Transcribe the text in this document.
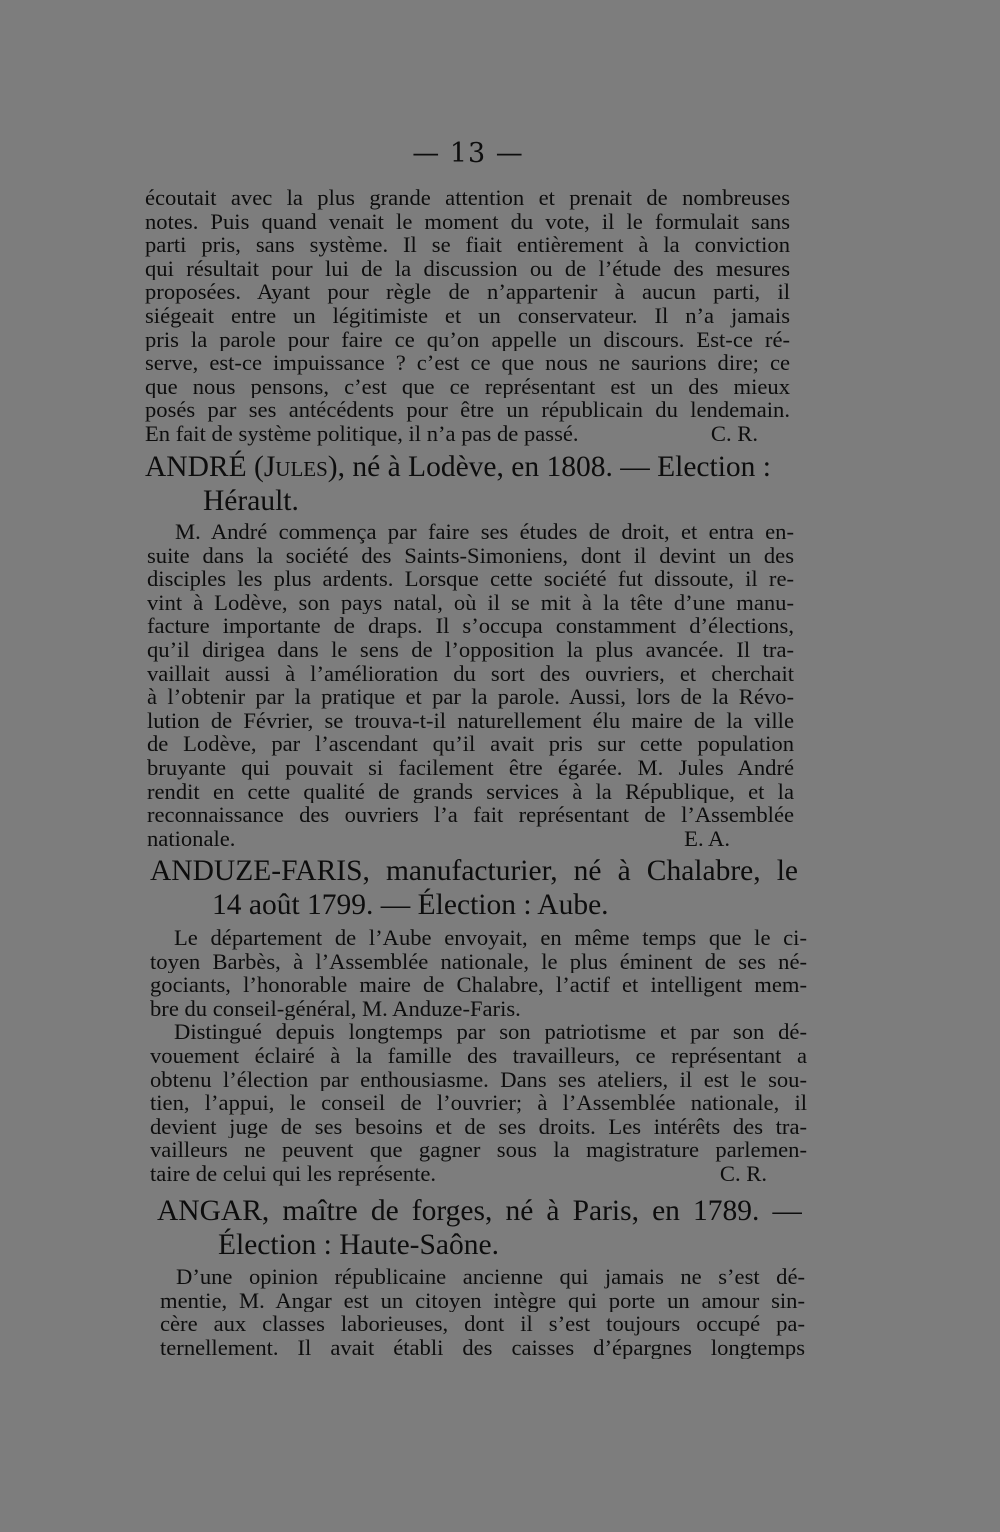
— 13 —
écoutait avec la plus grande attention et prenait de nombreuses
notes. Puis quand venait le moment du vote, il le formulait sans
parti pris, sans système. Il se fiait entièrement à la conviction
qui résultait pour lui de la discussion ou de l’étude des mesures
proposées. Ayant pour règle de n’appartenir à aucun parti, il
siégeait entre un légitimiste et un conservateur. Il n’a jamais
pris la parole pour faire ce qu’on appelle un discours. Est-ce ré-
serve, est-ce impuissance ? c’est ce que nous ne saurions dire; ce
que nous pensons, c’est que ce représentant est un des mieux
posés par ses antécédents pour être un républicain du lendemain.
En fait de système politique, il n’a pas de passé.	C. R.
ANDRÉ (Jules), né à Lodève, en 1808. — Election :
Hérault.
M. André commença par faire ses études de droit, et entra en-
suite dans la société des Saints-Simoniens, dont il devint un des
disciples les plus ardents. Lorsque cette société fut dissoute, il re-
vint à Lodève, son pays natal, où il se mit à la tête d’une manu-
facture importante de draps. Il s’occupa constamment d’élections,
qu’il dirigea dans le sens de l’opposition la plus avancée. Il tra-
vaillait aussi à l’amélioration du sort des ouvriers, et cherchait
à l’obtenir par la pratique et par la parole. Aussi, lors de la Révo-
lution de Février, se trouva-t-il naturellement élu maire de la ville
de Lodève, par l’ascendant qu’il avait pris sur cette population
bruyante qui pouvait si facilement être égarée. M. Jules André
rendit en cette qualité de grands services à la République, et la
reconnaissance des ouvriers l’a fait représentant de l’Assemblée
nationale.	E. A.
ANDUZE-FARIS, manufacturier, né à Chalabre, le
14 août 1799. — Élection : Aube.
Le département de l’Aube envoyait, en même temps que le ci-
toyen Barbès, à l’Assemblée nationale, le plus éminent de ses né-
gociants, l’honorable maire de Chalabre, l’actif et intelligent mem-
bre du conseil-général, M. Anduze-Faris.
Distingué depuis longtemps par son patriotisme et par son dé-
vouement éclairé à la famille des travailleurs, ce représentant a
obtenu l’élection par enthousiasme. Dans ses ateliers, il est le sou-
tien, l’appui, le conseil de l’ouvrier; à l’Assemblée nationale, il
devient juge de ses besoins et de ses droits. Les intérêts des tra-
vailleurs ne peuvent que gagner sous la magistrature parlemen-
taire de celui qui les représente.	C. R.
ANGAR, maître de forges, né à Paris, en 1789. —
Élection : Haute-Saône.
D’une opinion républicaine ancienne qui jamais ne s’est dé-
mentie, M. Angar est un citoyen intègre qui porte un amour sin-
cère aux classes laborieuses, dont il s’est toujours occupé pa-
ternellement. Il avait établi des caisses d’épargnes longtemps
